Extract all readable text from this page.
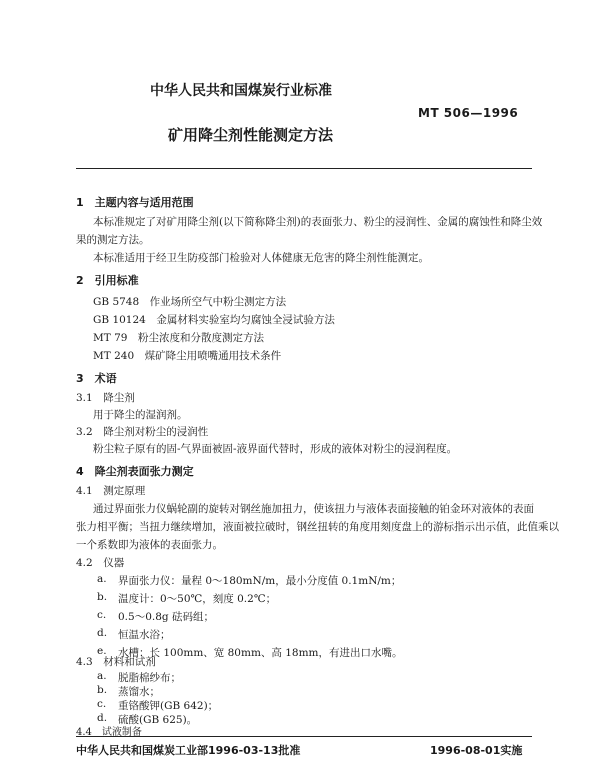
中华人民共和国煤炭行业标准
MT 506—1996
矿用降尘剂性能测定方法
1　主题内容与适用范围
本标准规定了对矿用降尘剂(以下简称降尘剂)的表面张力、粉尘的浸润性、金属的腐蚀性和降尘效
果的测定方法。
本标准适用于经卫生防疫部门检验对人体健康无危害的降尘剂性能测定。
2　引用标准
GB 5748　作业场所空气中粉尘测定方法
GB 10124　金属材料实验室均匀腐蚀全浸试验方法
MT 79　粉尘浓度和分散度测定方法
MT 240　煤矿降尘用喷嘴通用技术条件
3　术语
3.1　降尘剂
用于降尘的湿润剂。
3.2　降尘剂对粉尘的浸润性
粉尘粒子原有的固-气界面被固-液界面代替时，形成的液体对粉尘的浸润程度。
4　降尘剂表面张力测定
4.1　测定原理
通过界面张力仪蜗轮副的旋转对钢丝施加扭力，使该扭力与液体表面接触的铂金环对液体的表面
张力相平衡；当扭力继续增加，液面被拉破时，钢丝扭转的角度用刻度盘上的游标指示出示值，此值乘以
一个系数即为液体的表面张力。
4.2　仪器
a. 界面张力仪：量程 0～180mN/m，最小分度值 0.1mN/m；
b. 温度计：0～50℃，刻度 0.2℃；
c. 0.5～0.8g 砝码组；
d. 恒温水浴；
e. 水槽：长 100mm、宽 80mm、高 18mm，有进出口水嘴。
4.3　材料和试剂
a. 脱脂棉纱布；
b. 蒸馏水；
c. 重铬酸钾(GB 642)；
中华人民共和国煤炭工业部1996-03-13批准	1996-08-01实施
d. 硫酸(GB 625)。
4.4　试液制备
